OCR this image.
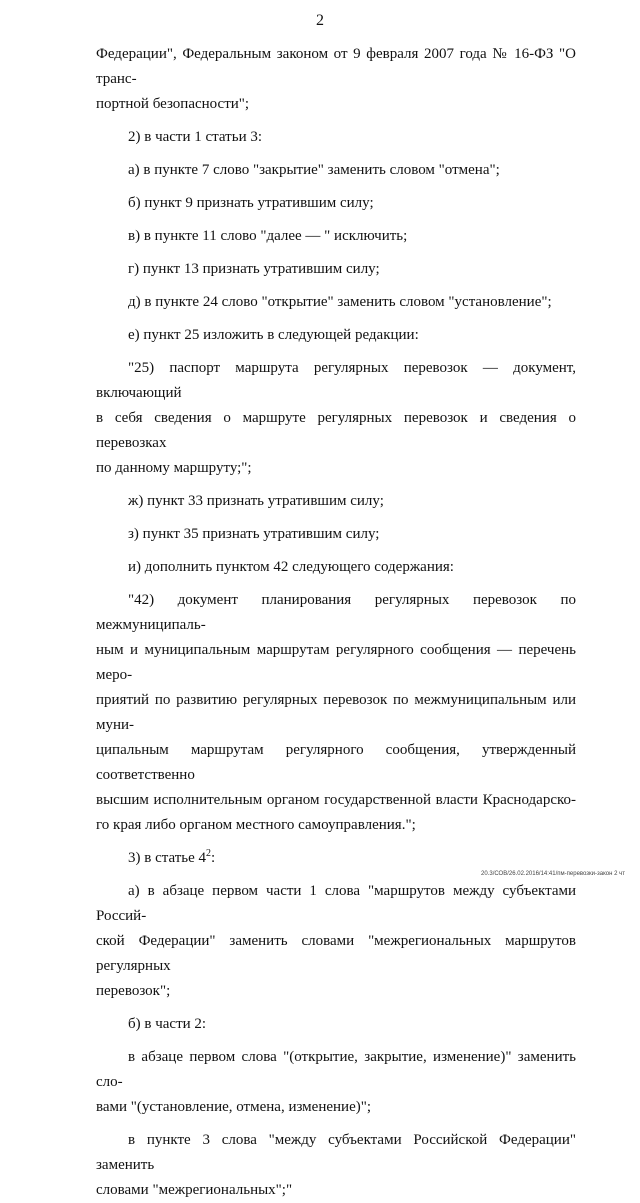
2

Федерации", Федеральным законом от 9 февраля 2007 года № 16-ФЗ "О транс-

портной безопасности";

2) в части 1 статьи 3:

а) в пункте 7 слово "закрытие" заменить словом "отмена";

б) пункт 9 признать утратившим силу;

в) в пункте 11 слово "далее — " исключить;

г) пункт 13 признать утратившим силу;

д) в пункте 24 слово "открытие" заменить словом "установление";

е) пункт 25 изложить в следующей редакции:

"25) паспорт маршрута регулярных перевозок — документ, включающий

в себя сведения о маршруте регулярных перевозок и сведения о перевозках

по данному маршруту;";

ж) пункт 33 признать утратившим силу;

з) пункт 35 признать утратившим силу;

и) дополнить пунктом 42 следующего содержания:

"42) документ планирования регулярных перевозок по межмуниципаль-

ным и муниципальным маршрутам регулярного сообщения — перечень меро-

приятий по развитию регулярных перевозок по межмуниципальным или муни-

ципальным маршрутам регулярного сообщения, утвержденный соответственно

высшим исполнительным органом государственной власти Краснодарско-

го края либо органом местного самоуправления.";

3) в статье $4^2$:

а) в абзаце первом части 1 слова "маршрутов между субъектами Россий-

ской Федерации" заменить словами "межрегиональных маршрутов регулярных

перевозок";

б) в части 2:

в абзаце первом слова "(открытие, закрытие, изменение)" заменить сло-

вами "(установление, отмена, изменение)";

в пункте 3 слова "между субъектами Российской Федерации" заменить

словами "межрегиональных";"

20.3/СОВ/26.02.2016/14:41/пм-перевозки-закон 2 чт
